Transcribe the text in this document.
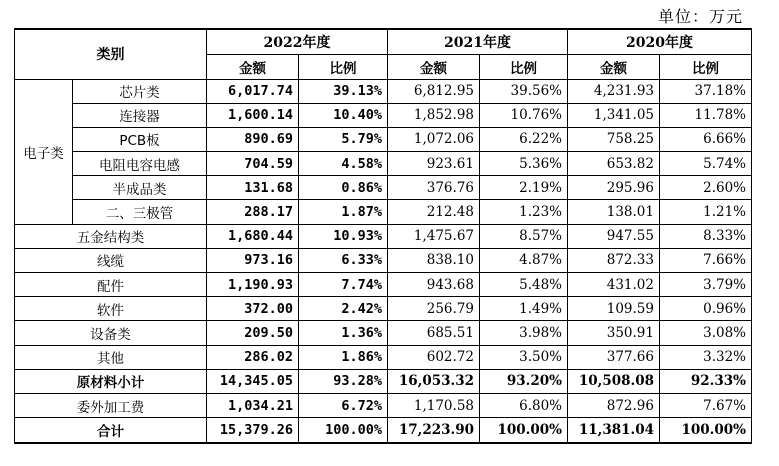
单位：万元
类别		2022年度		2021年度		2020年度	
		金额	比例	金额	比例	金额	比例
电子类	芯片类	6,017.74	39.13%	6,812.95	39.56%	4,231.93	37.18%
	连接器	1,600.14	10.40%	1,852.98	10.76%	1,341.05	11.78%
	PCB板	890.69	5.79%	1,072.06	6.22%	758.25	6.66%
	电阻电容电感	704.59	4.58%	923.61	5.36%	653.82	5.74%
	半成品类	131.68	0.86%	376.76	2.19%	295.96	2.60%
	二、三极管	288.17	1.87%	212.48	1.23%	138.01	1.21%
五金结构类		1,680.44	10.93%	1,475.67	8.57%	947.55	8.33%
线缆		973.16	6.33%	838.10	4.87%	872.33	7.66%
配件		1,190.93	7.74%	943.68	5.48%	431.02	3.79%
软件		372.00	2.42%	256.79	1.49%	109.59	0.96%
设备类		209.50	1.36%	685.51	3.98%	350.91	3.08%
其他		286.02	1.86%	602.72	3.50%	377.66	3.32%
原材料小计		14,345.05	93.28%	16,053.32	93.20%	10,508.08	92.33%
委外加工费		1,034.21	6.72%	1,170.58	6.80%	872.96	7.67%
合计		15,379.26	100.00%	17,223.90	100.00%	11,381.04	100.00%
